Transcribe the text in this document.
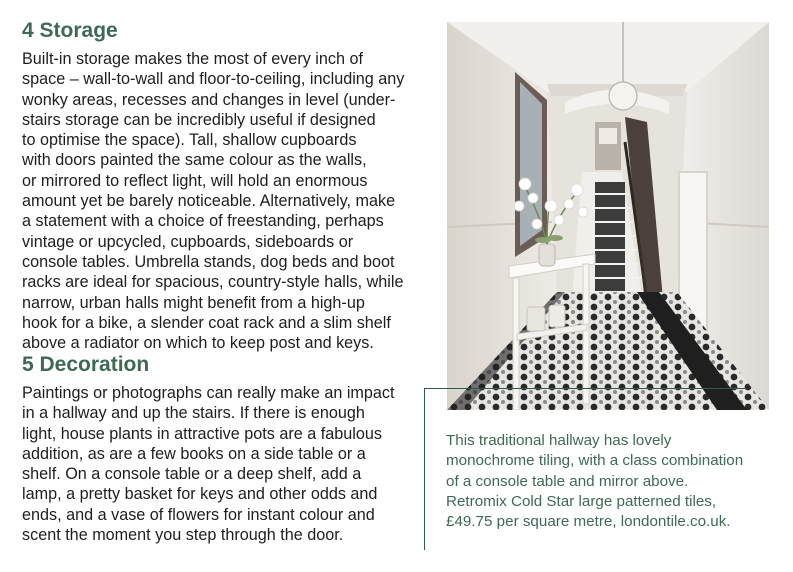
4 Storage
Built-in storage makes the most of every inch of
space – wall-to-wall and floor-to-ceiling, including any
wonky areas, recesses and changes in level (under-
stairs storage can be incredibly useful if designed
to optimise the space). Tall, shallow cupboards
with doors painted the same colour as the walls,
or mirrored to reflect light, will hold an enormous
amount yet be barely noticeable. Alternatively, make
a statement with a choice of freestanding, perhaps
vintage or upcycled, cupboards, sideboards or
console tables. Umbrella stands, dog beds and boot
racks are ideal for spacious, country-style halls, while
narrow, urban halls might benefit from a high-up
hook for a bike, a slender coat rack and a slim shelf
above a radiator on which to keep post and keys.
5 Decoration
Paintings or photographs can really make an impact
in a hallway and up the stairs. If there is enough
light, house plants in attractive pots are a fabulous
addition, as are a few books on a side table or a
shelf. On a console table or a deep shelf, add a
lamp, a pretty basket for keys and other odds and
ends, and a vase of flowers for instant colour and
scent the moment you step through the door.
This traditional hallway has lovely
monochrome tiling, with a class combination
of a console table and mirror above.
Retromix Cold Star large patterned tiles,
£49.75 per square metre, londontile.co.uk.
